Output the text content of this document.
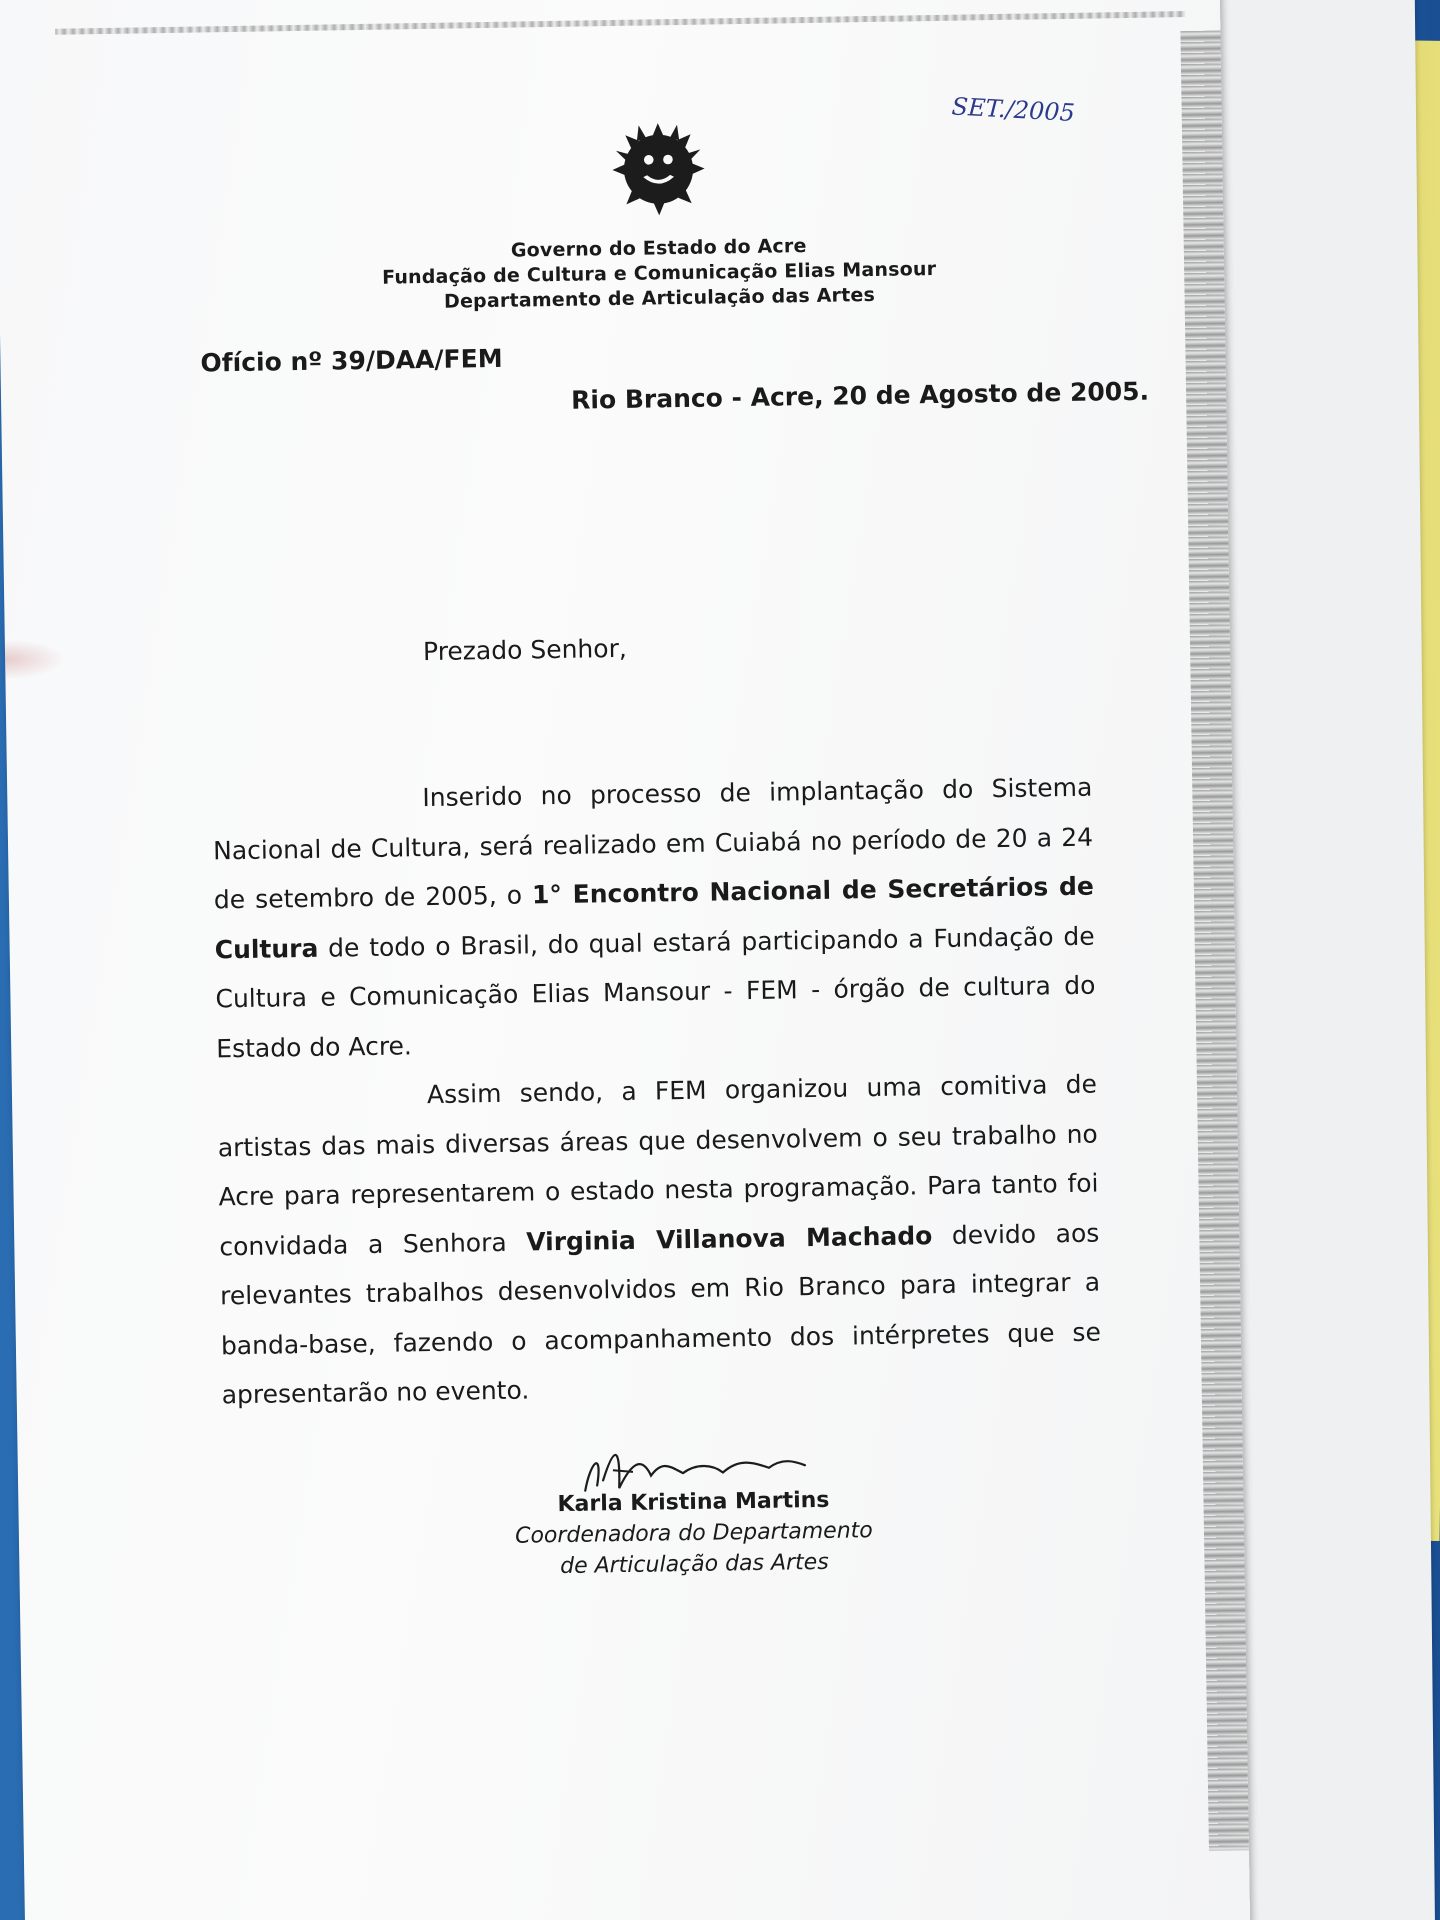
SET./2005
Governo do Estado do Acre
Fundação de Cultura e Comunicação Elias Mansour
Departamento de Articulação das Artes
Ofício nº 39/DAA/FEM
Rio Branco - Acre, 20 de Agosto de 2005.
Prezado Senhor,

Inserido no processo de implantação do Sistema Nacional de Cultura, será realizado em Cuiabá no período de 20 a 24 de setembro de 2005, o 1° Encontro Nacional de Secretários de Cultura de todo o Brasil, do qual estará participando a Fundação de Cultura e Comunicação Elias Mansour - FEM - órgão de cultura do Estado do Acre.

Assim sendo, a FEM organizou uma comitiva de artistas das mais diversas áreas que desenvolvem o seu trabalho no Acre para representarem o estado nesta programação. Para tanto foi convidada a Senhora Virginia Villanova Machado devido aos relevantes trabalhos desenvolvidos em Rio Branco para integrar a banda-base, fazendo o acompanhamento dos intérpretes que se apresentarão no evento.

Karla Kristina Martins
Coordenadora do Departamento
de Articulação das Artes
